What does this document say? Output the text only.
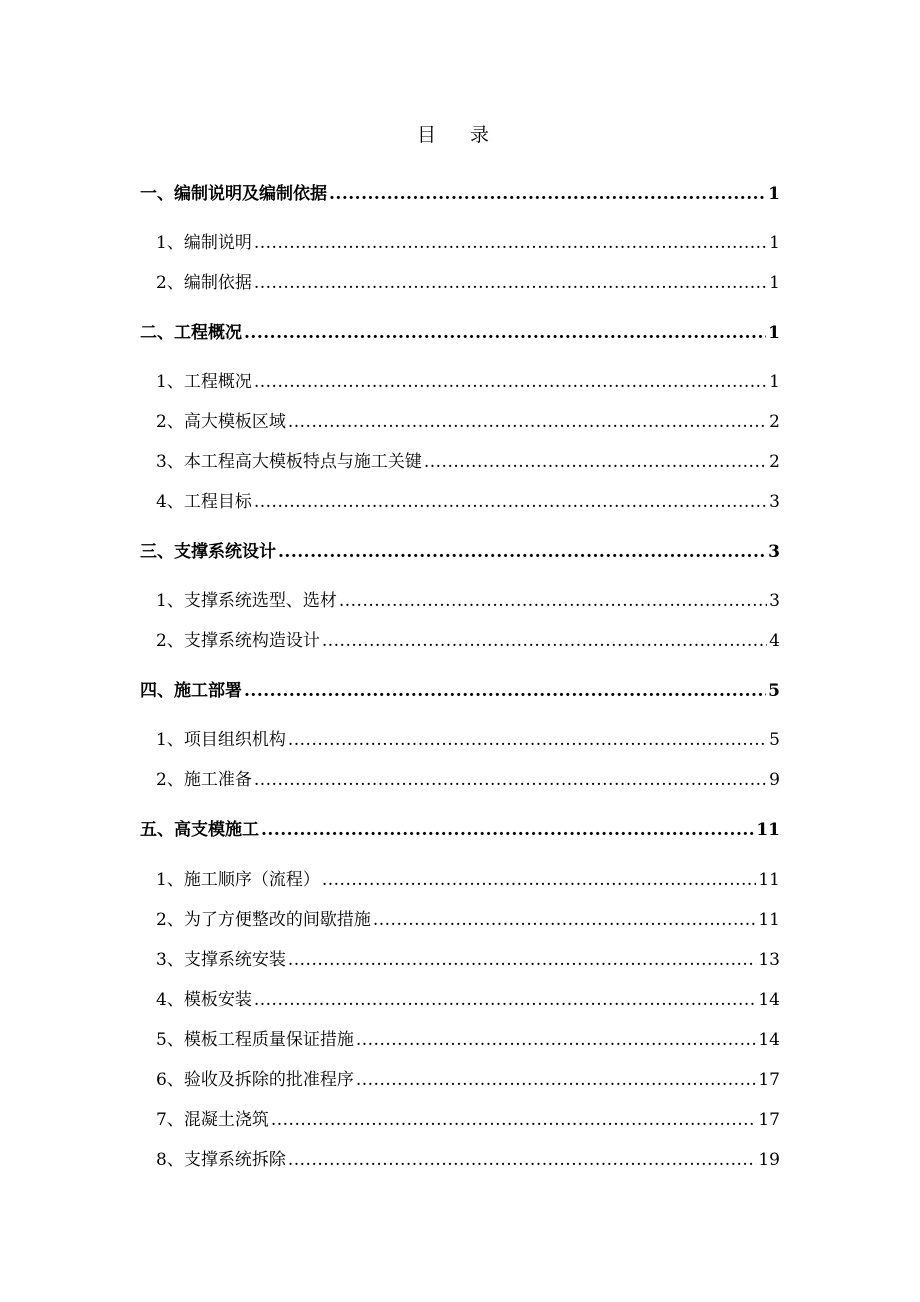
目 录
一、编制说明及编制依据 .....	1
1、编制说明 .....	1
2、编制依据 .....	1
二、工程概况 .....	1
1、工程概况 .....	1
2、高大模板区域 .....	2
3、本工程高大模板特点与施工关键 .....	2
4、工程目标 .....	3
三、支撑系统设计 .....	3
1、支撑系统选型、选材 .....	3
2、支撑系统构造设计 .....	4
四、施工部署 .....	5
1、项目组织机构 .....	5
2、施工准备 .....	9
五、高支模施工 .....	11
1、施工顺序（流程） .....	11
2、为了方便整改的间歇措施 .....	11
3、支撑系统安装 .....	13
4、模板安装 .....	14
5、模板工程质量保证措施 .....	14
6、验收及拆除的批准程序 .....	17
7、混凝土浇筑 .....	17
8、支撑系统拆除 .....	19
